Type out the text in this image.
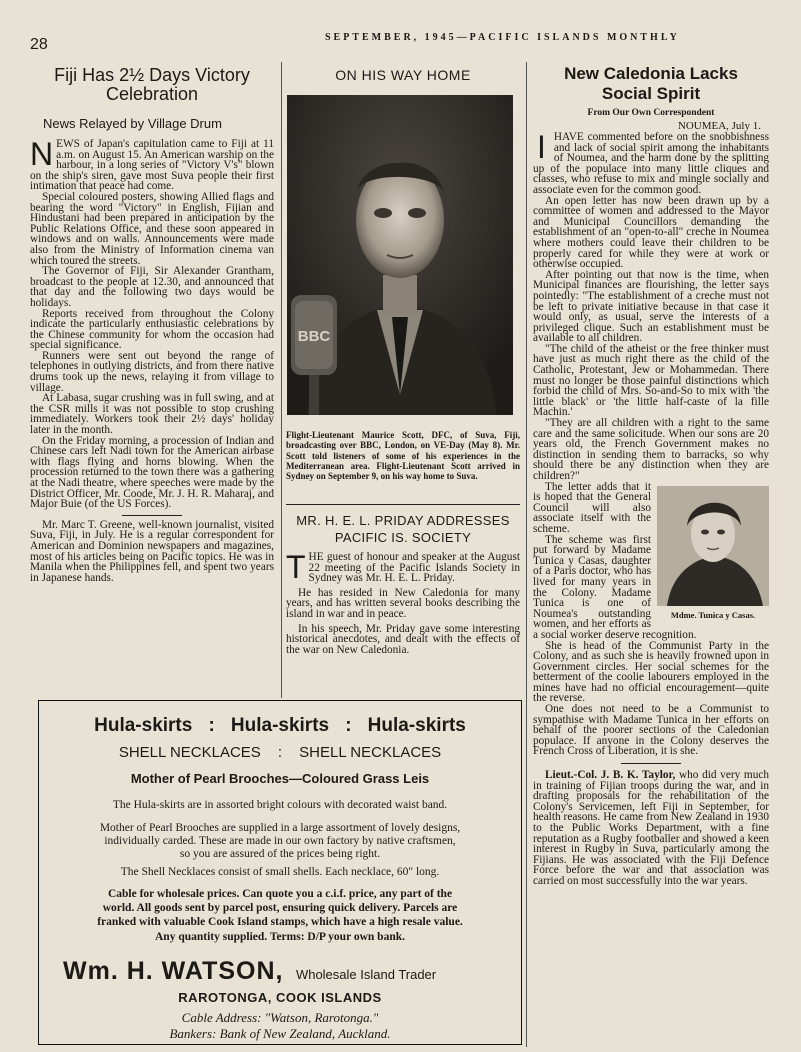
28	SEPTEMBER, 1945—PACIFIC ISLANDS MONTHLY
Fiji Has 2½ Days Victory
Celebration
News Relayed by Village Drum

NEWS of Japan's capitulation came to Fiji at 11 a.m. on August 15. An American warship on the harbour, in a long series of "Victory V's" blown on the ship's siren, gave most Suva people their first intimation that peace had come.

Special coloured posters, showing Allied flags and bearing the word "Victory" in English, Fijian and Hindustani had been prepared in anticipation by the Public Relations Office, and these soon appeared in windows and on walls. Announcements were made also from the Ministry of Information cinema van which toured the streets.

The Governor of Fiji, Sir Alexander Grantham, broadcast to the people at 12.30, and announced that that day and the following two days would be holidays.

Reports received from throughout the Colony indicate the particularly enthusiastic celebrations by the Chinese community for whom the occasion had special significance.

Runners were sent out beyond the range of telephones in outlying districts, and from there native drums took up the news, relaying it from village to village.

At Labasa, sugar crushing was in full swing, and at the CSR mills it was not possible to stop crushing immediately. Workers took their 2½ days' holiday later in the month.

On the Friday morning, a procession of Indian and Chinese cars left Nadi town for the American airbase with flags flying and horns blowing. When the procession returned to the town there was a gathering at the Nadi theatre, where speeches were made by the District Officer, Mr. Coode, Mr. J. H. R. Maharaj, and Major Buie (of the US Forces).

Mr. Marc T. Greene, well-known journalist, visited Suva, Fiji, in July. He is a regular correspondent for American and Dominion newspapers and magazines, most of his articles being on Pacific topics. He was in Manila when the Philippines fell, and spent two years in Japanese hands.

ON HIS WAY HOME
BBC

Flight-Lieutenant Maurice Scott, DFC, of Suva, Fiji, broadcasting over BBC, London, on VE-Day (May 8). Mr. Scott told listeners of some of his experiences in the Mediterranean area. Flight-Lieutenant Scott arrived in Sydney on September 9, on his way home to Suva.

MR. H. E. L. PRIDAY ADDRESSES
PACIFIC IS. SOCIETY

THE guest of honour and speaker at the August 22 meeting of the Pacific Islands Society in Sydney was Mr. H. E. L. Priday.

He has resided in New Caledonia for many years, and has written several books describing the island in war and in peace.

In his speech, Mr. Priday gave some interesting historical anecdotes, and dealt with the effects of the war on New Caledonia.

New Caledonia Lacks
Social Spirit
From Our Own Correspondent
NOUMEA, July 1.

IHAVE commented before on the snobbishness and lack of social spirit among the inhabitants of Noumea, and the harm done by the splitting up of the populace into many little cliques and classes, who refuse to mix and mingle socially and associate even for the common good.

An open letter has now been drawn up by a committee of women and addressed to the Mayor and Municipal Councillors demanding the establishment of an "open-to-all" creche in Noumea where mothers could leave their children to be properly cared for while they were at work or otherwise occupied.

After pointing out that now is the time, when Municipal finances are flourishing, the letter says pointedly: "The establishment of a creche must not be left to private initiative because in that case it would only, as usual, serve the interests of a privileged clique. Such an establishment must be available to all children.

"The child of the atheist or the free thinker must have just as much right there as the child of the Catholic, Protestant, Jew or Mohammedan. There must no longer be those painful distinctions which forbid the child of Mrs. So-and-So to mix with 'the little black' or 'the little half-caste of la fille Machin.'

"They are all children with a right to the same care and the same solicitude. When our sons are 20 years old, the French Government makes no distinction in sending them to barracks, so why should there be any distinction when they are children?"

Mdme. Tunica y Casas.

The letter adds that it is hoped that the General Council will also associate itself with the scheme.

The scheme was first put forward by Madame Tunica y Casas, daughter of a Paris doctor, who has lived for many years in the Colony. Madame Tunica is one of Noumea's outstanding women, and her efforts as a social worker deserve recognition.

She is head of the Communist Party in the Colony, and as such she is heavily frowned upon in Government circles. Her social schemes for the betterment of the coolie labourers employed in the mines have had no official encouragement—quite the reverse.

One does not need to be a Communist to sympathise with Madame Tunica in her efforts on behalf of the poorer sections of the Caledonian populace. If anyone in the Colony deserves the French Cross of Liberation, it is she.

Lieut.-Col. J. B. K. Taylor, who did very much in training of Fijian troops during the war, and in drafting proposals for the rehabilitation of the Colony's Servicemen, left Fiji in September, for health reasons. He came from New Zealand in 1930 to the Public Works Department, with a fine reputation as a Rugby footballer and showed a keen interest in Rugby in Suva, particularly among the Fijians. He was associated with the Fiji Defence Force before the war and that association was carried on most successfully into the war years.

Hula-skirts : Hula-skirts : Hula-skirts
SHELL NECKLACES : SHELL NECKLACES
Mother of Pearl Brooches—Coloured Grass Leis
The Hula-skirts are in assorted bright colours with decorated waist band.
Mother of Pearl Brooches are supplied in a large assortment of lovely designs,
individually carded. These are made in our own factory by native craftsmen,
so you are assured of the prices being right.
The Shell Necklaces consist of small shells. Each necklace, 60" long.
Cable for wholesale prices. Can quote you a c.i.f. price, any part of the
world. All goods sent by parcel post, ensuring quick delivery. Parcels are
franked with valuable Cook Island stamps, which have a high resale value.
Any quantity supplied. Terms: D/P your own bank.
Wm. H. WATSON, Wholesale Island Trader
RAROTONGA, COOK ISLANDS
Cable Address: "Watson, Rarotonga."
Bankers: Bank of New Zealand, Auckland.
